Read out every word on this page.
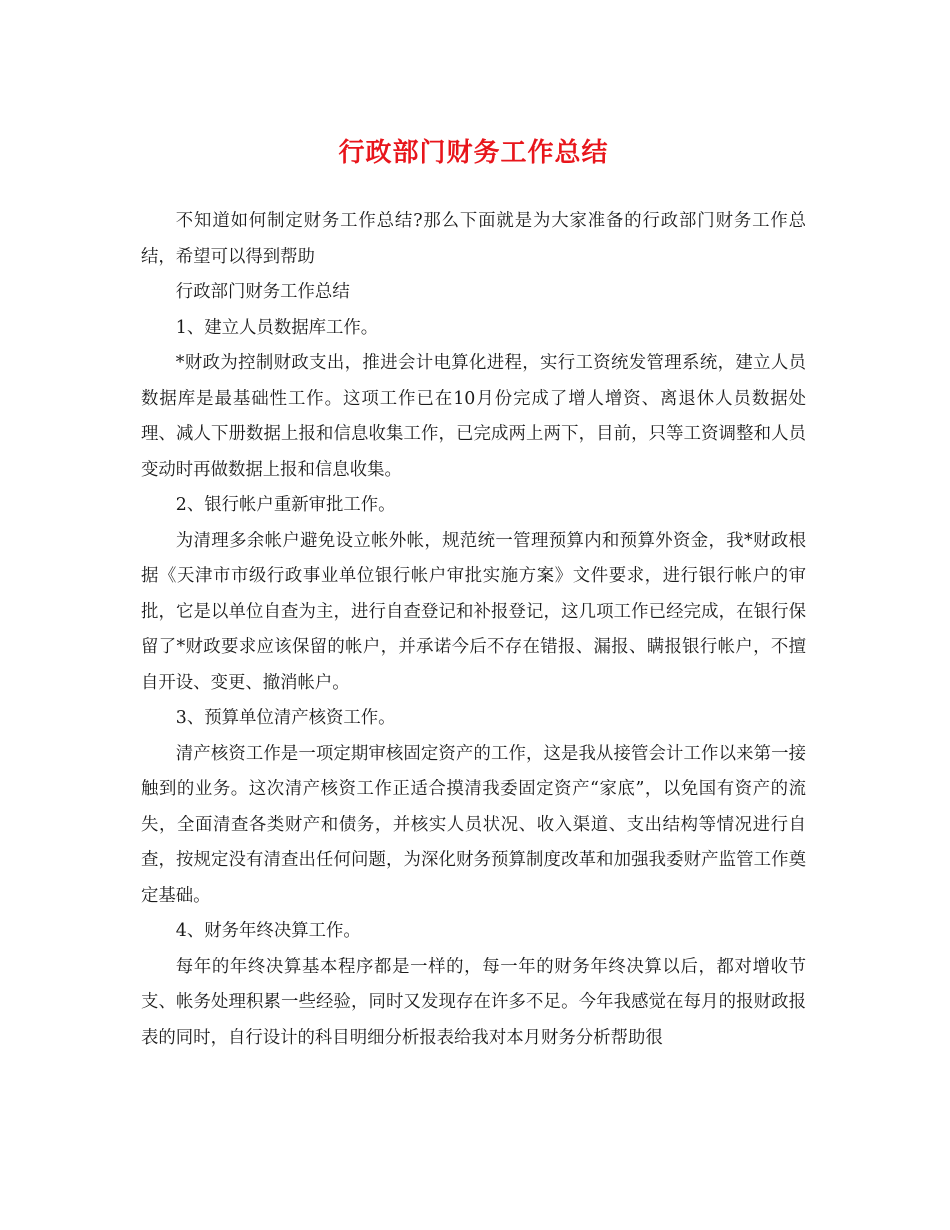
行政部门财务工作总结

不知道如何制定财务工作总结?那么下面就是为大家准备的行政部门财务工作总结，希望可以得到帮助

行政部门财务工作总结

1、建立人员数据库工作。

*财政为控制财政支出，推进会计电算化进程，实行工资统发管理系统，建立人员数据库是最基础性工作。这项工作已在10月份完成了增人增资、离退休人员数据处理、减人下册数据上报和信息收集工作，已完成两上两下，目前，只等工资调整和人员变动时再做数据上报和信息收集。

2、银行帐户重新审批工作。

为清理多余帐户避免设立帐外帐，规范统一管理预算内和预算外资金，我*财政根据《天津市市级行政事业单位银行帐户审批实施方案》文件要求，进行银行帐户的审批，它是以单位自查为主，进行自查登记和补报登记，这几项工作已经完成，在银行保留了*财政要求应该保留的帐户，并承诺今后不存在错报、漏报、瞒报银行帐户，不擅自开设、变更、撤消帐户。

3、预算单位清产核资工作。

清产核资工作是一项定期审核固定资产的工作，这是我从接管会计工作以来第一接触到的业务。这次清产核资工作正适合摸清我委固定资产“家底”，以免国有资产的流失，全面清查各类财产和债务，并核实人员状况、收入渠道、支出结构等情况进行自查，按规定没有清查出任何问题，为深化财务预算制度改革和加强我委财产监管工作奠定基础。

4、财务年终决算工作。

每年的年终决算基本程序都是一样的，每一年的财务年终决算以后，都对增收节支、帐务处理积累一些经验，同时又发现存在许多不足。今年我感觉在每月的报财政报表的同时，自行设计的科目明细分析报表给我对本月财务分析帮助很
